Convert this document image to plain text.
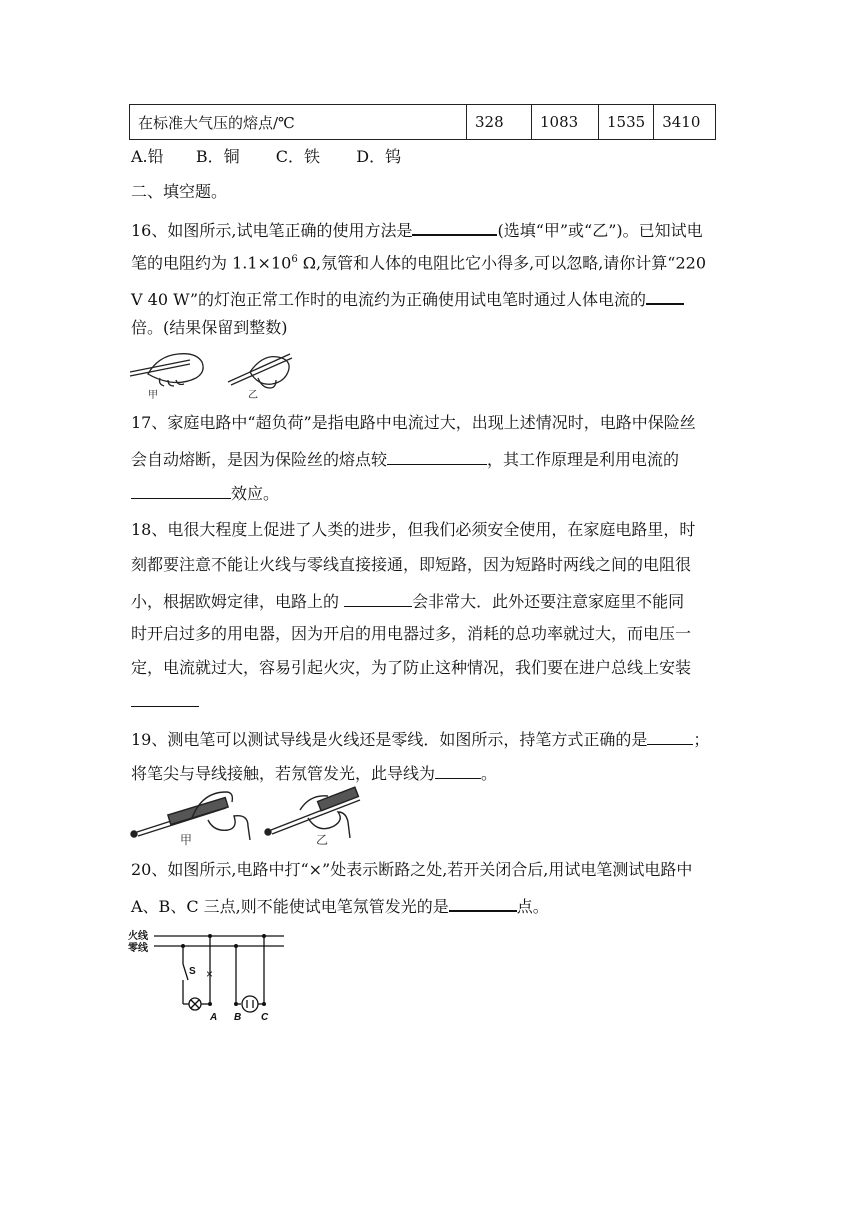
在标准大气压的熔点/℃	328	1083	1535	3410
A.铅 B．铜 C．铁 D．钨
二、填空题。
16、如图所示,试电笔正确的使用方法是	(选填“甲”或“乙”)。已知试电
笔的电阻约为 $1.1\times 10^6$ Ω,氖管和人体的电阻比它小得多,可以忽略,请你计算“220
V 40 W”的灯泡正常工作时的电流约为正确使用试电笔时通过人体电流的
倍。(结果保留到整数)
甲	乙
17、家庭电路中“超负荷”是指电路中电流过大，出现上述情况时，电路中保险丝
会自动熔断，是因为保险丝的熔点较	，其工作原理是利用电流的
效应。
18、电很大程度上促进了人类的进步，但我们必须安全使用，在家庭电路里，时
刻都要注意不能让火线与零线直接接通，即短路，因为短路时两线之间的电阻很
小，根据欧姆定律，电路上的	会非常大．此外还要注意家庭里不能同
时开启过多的用电器，因为开启的用电器过多，消耗的总功率就过大，而电压一
定，电流就过大，容易引起火灾，为了防止这种情况，我们要在进户总线上安装
19、测电笔可以测试导线是火线还是零线．如图所示，持笔方式正确的是	；
将笔尖与导线接触，若氖管发光，此导线为	。
甲	乙
20、如图所示,电路中打“×”处表示断路之处,若开关闭合后,用试电笔测试电路中
A、B、C 三点,则不能使试电笔氖管发光的是	点。
火线
零线
S ×
A B C
